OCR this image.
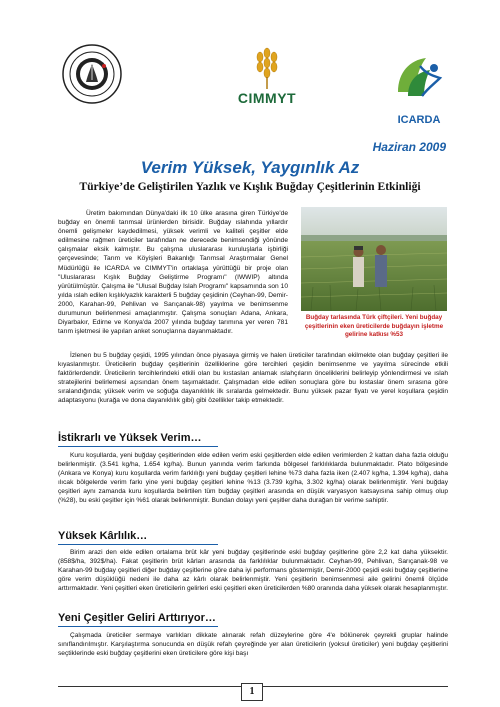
CIMMYT
ICARDA
Haziran 2009
Verim Yüksek, Yaygınlık Az
Türkiye’de Geliştirilen Yazlık ve Kışlık Buğday Çeşitlerinin Etkinliği
Üretim bakımından Dünya'daki ilk 10 ülke arasına giren Türkiye'de buğday en önemli tarımsal ürünlerden birisidir. Buğday ıslahında yıllardır önemli gelişmeler kaydedilmesi, yüksek verimli ve kaliteli çeşitler elde edilmesine rağmen üreticiler tarafından ne derecede benimsendiği yönünde çalışmalar eksik kalmıştır. Bu çalışma uluslararası kuruluşlarla işbirliği çerçevesinde; Tarım ve Köyişleri Bakanlığı Tarımsal Araştırmalar Genel Müdürlüğü ile ICARDA ve CIMMYT'in ortaklaşa yürüttüğü bir proje olan "Uluslararası Kışlık Buğday Geliştirme Programı" (IWWIP) altında yürütülmüştür. Çalışma ile "Ulusal Buğday Islah Programı" kapsamında son 10 yılda ıslah edilen kışlık/yazlık karakterli 5 buğday çeşidinin (Ceyhan-99, Demir-2000, Karahan-99, Pehlivan ve Sarıçanak-98) yayılma ve benimsenme durumunun belirlenmesi amaçlanmıştır. Çalışma sonuçları Adana, Ankara, Diyarbakır, Edirne ve Konya'da 2007 yılında buğday tarımına yer veren 781 tarım işletmesi ile yapılan anket sonuçlarına dayanmaktadır.
Buğday tarlasında Türk çiftçileri. Yeni buğday çeşitlerinin eken üreticilerde buğdayın işletme gelirine katkısı %53
İzlenen bu 5 buğday çeşidi, 1995 yılından önce piyasaya girmiş ve halen üreticiler tarafından ekilmekte olan buğday çeşitleri ile kıyaslanmıştır. Üreticilerin buğday çeşitlerinin özelliklerine göre tercihleri çeşidin benimsenme ve yayılma sürecinde etkili faktörlerdendir. Üreticilerin tercihlerindeki etkili olan bu kıstasları anlamak ıslahçıların önceliklerini belirleyip yönlendirmesi ve ıslah stratejilerini belirlemesi açısından önem taşımaktadır. Çalışmadan elde edilen sonuçlara göre bu kıstaslar önem sırasına göre sıralandığında; yüksek verim ve soğuğa dayanıklılık ilk sıralarda gelmektedir. Bunu yüksek pazar fiyatı ve yerel koşullara çeşidin adaptasyonu (kurağa ve dona dayanıklılık gibi) gibi özellikler takip etmektedir.
İstikrarlı ve Yüksek Verim…
Kuru koşullarda, yeni buğday çeşitlerinden elde edilen verim eski çeşitlerden elde edilen verimlerden 2 kattan daha fazla olduğu belirlenmiştir. (3.541 kg/ha, 1.654 kg/ha). Bunun yanında verim farkında bölgesel farklılıklarda bulunmaktadır. Plato bölgesinde (Ankara ve Konya) kuru koşullarda verim farklılığı yeni buğday çeşitleri lehine %73 daha fazla iken (2.407 kg/ha, 1.394 kg/ha), daha ılıcak bölgelerde verim farkı yine yeni buğday çeşitleri lehine %13 (3.739 kg/ha, 3.302 kg/ha) olarak belirlenmiştir. Yeni buğday çeşitleri aynı zamanda kuru koşullarda belirtilen tüm buğday çeşitleri arasında en düşük varyasyon katsayısına sahip olmuş olup (%28), bu eski çeşitler için %61 olarak belirlenmiştir. Bundan dolayı yeni çeşitler daha durağan bir verime sahiptir.
Yüksek Kârlılık…
Birim arazi den elde edilen ortalama brüt kâr yeni buğday çeşitlerinde eski buğday çeşitlerine göre 2,2 kat daha yüksektir. (858$/ha, 392$/ha). Fakat çeşitlerin brüt kârları arasında da farklılıklar bulunmaktadır. Ceyhan-99, Pehlivan, Sarıçanak-98 ve Karahan-99 buğday çeşitleri diğer buğday çeşitlerine göre daha iyi performans göstermiştir, Demir-2000 çeşidi eski buğday çeşitlerine göre verim düşüklüğü nedeni ile daha az kârlı olarak belirlenmiştir. Yeni çeşitlerin benimsenmesi aile gelirini önemli ölçüde arttırmaktadır. Yeni çeşitleri eken üreticilerin gelirleri eski çeşitleri eken üreticilerden %80 oranında daha yüksek olarak hesaplanmıştır.
Yeni Çeşitler Geliri Arttırıyor…
Çalışmada üreticiler sermaye varlıkları dikkate alınarak refah düzeylerine göre 4'e bölünerek çeyrekli gruplar halinde sınıflandırılmıştır. Karşılaştırma sonucunda en düşük refah çeyreğinde yer alan üreticilerin (yoksul üreticiler) yeni buğday çeşitlerini seçtiklerinde eski buğday çeşitlerini eken üreticilere göre kişi başı
1
